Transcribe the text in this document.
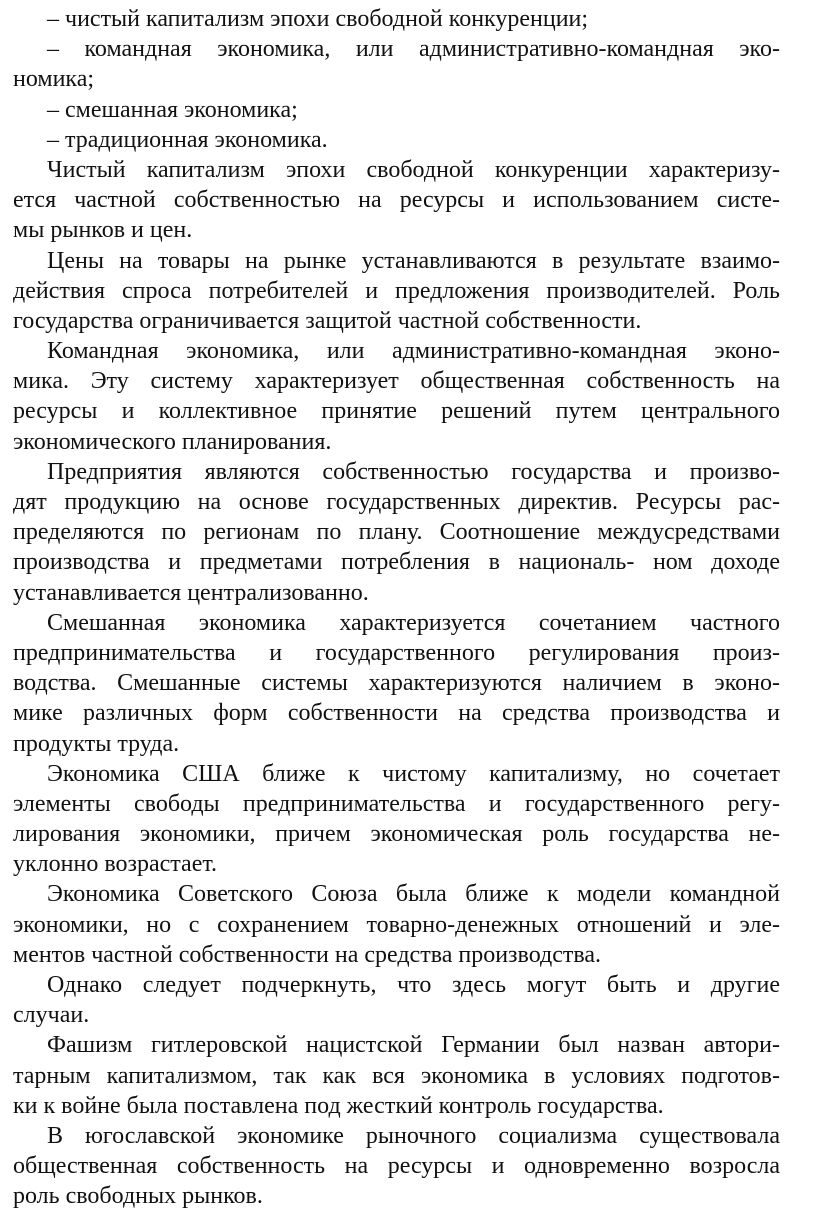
– чистый капитализм эпохи свободной конкуренции;
– командная экономика, или административно-командная эко-
номика;
– смешанная экономика;
– традиционная экономика.
Чистый капитализм эпохи свободной конкуренции характеризу-
ется частной собственностью на ресурсы и использованием систе-
мы рынков и цен.
Цены на товары на рынке устанавливаются в результате взаимо-
действия спроса потребителей и предложения производителей. Роль
государства ограничивается защитой частной собственности.
Командная экономика, или административно-командная эконо-
мика. Эту систему характеризует общественная собственность на
ресурсы и коллективное принятие решений путем центрального
экономического планирования.
Предприятия являются собственностью государства и произво-
дят продукцию на основе государственных директив. Ресурсы рас-
пределяются по регионам по плану. Соотношение междусредствами
производства и предметами потребления в националь- ном доходе
устанавливается централизованно.
Смешанная экономика характеризуется сочетанием частного
предпринимательства и государственного регулирования произ-
водства. Смешанные системы характеризуются наличием в эконо-
мике различных форм собственности на средства производства и
продукты труда.
Экономика США ближе к чистому капитализму, но сочетает
элементы свободы предпринимательства и государственного регу-
лирования экономики, причем экономическая роль государства не-
уклонно возрастает.
Экономика Советского Союза была ближе к модели командной
экономики, но с сохранением товарно-денежных отношений и эле-
ментов частной собственности на средства производства.
Однако следует подчеркнуть, что здесь могут быть и другие
случаи.
Фашизм гитлеровской нацистской Германии был назван автори-
тарным капитализмом, так как вся экономика в условиях подготов-
ки к войне была поставлена под жесткий контроль государства.
В югославской экономике рыночного социализма существовала
общественная собственность на ресурсы и одновременно возросла
роль свободных рынков.
